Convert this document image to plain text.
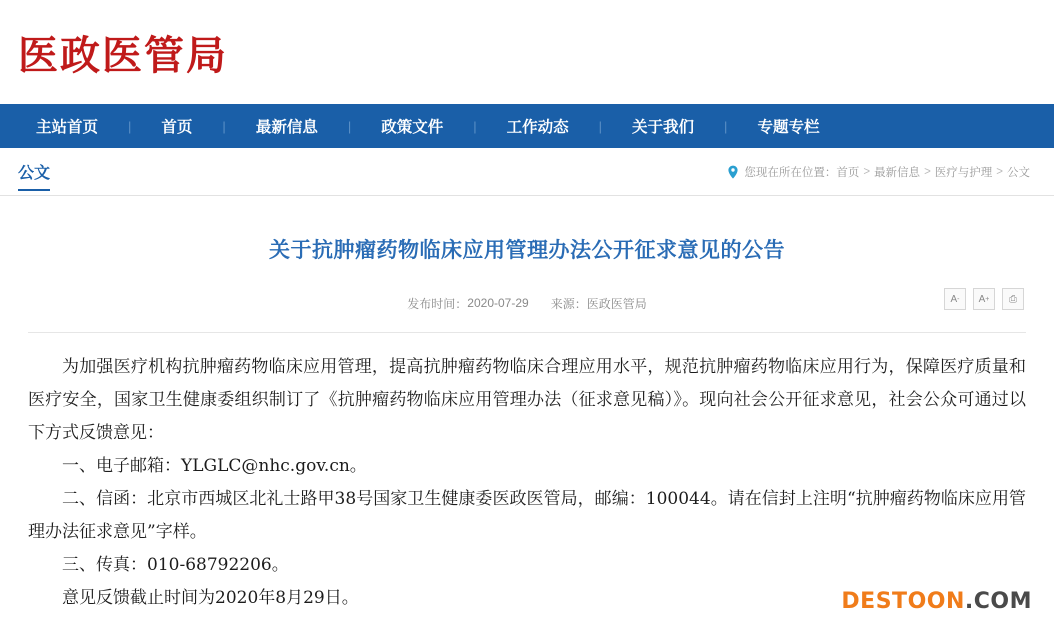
医政医管局
主站首页	|	首页	|	最新信息	|	政策文件	|	工作动态	|	关于我们	|	专题专栏
公文	您现在所在位置： 首页 > 最新信息 > 医疗与护理 > 公文
关于抗肿瘤药物临床应用管理办法公开征求意见的公告
发布时间： 2020-07-29 来源： 医政医管局	A - A + ⎙

为加强医疗机构抗肿瘤药物临床应用管理，提高抗肿瘤药物临床合理应用水平，规范抗肿瘤药物临床应用行为，保障医疗质量和医疗安全，国家卫生健康委组织制订了《抗肿瘤药物临床应用管理办法（征求意见稿）》。现向社会公开征求意见，社会公众可通过以下方式反馈意见：

一、电子邮箱：YLGLC@nhc.gov.cn。

二、信函：北京市西城区北礼士路甲38号国家卫生健康委医政医管局，邮编：100044。请在信封上注明“抗肿瘤药物临床应用管理办法征求意见”字样。

三、传真：010-68792206。

意见反馈截止时间为2020年8月29日。	DESTOON.COM
